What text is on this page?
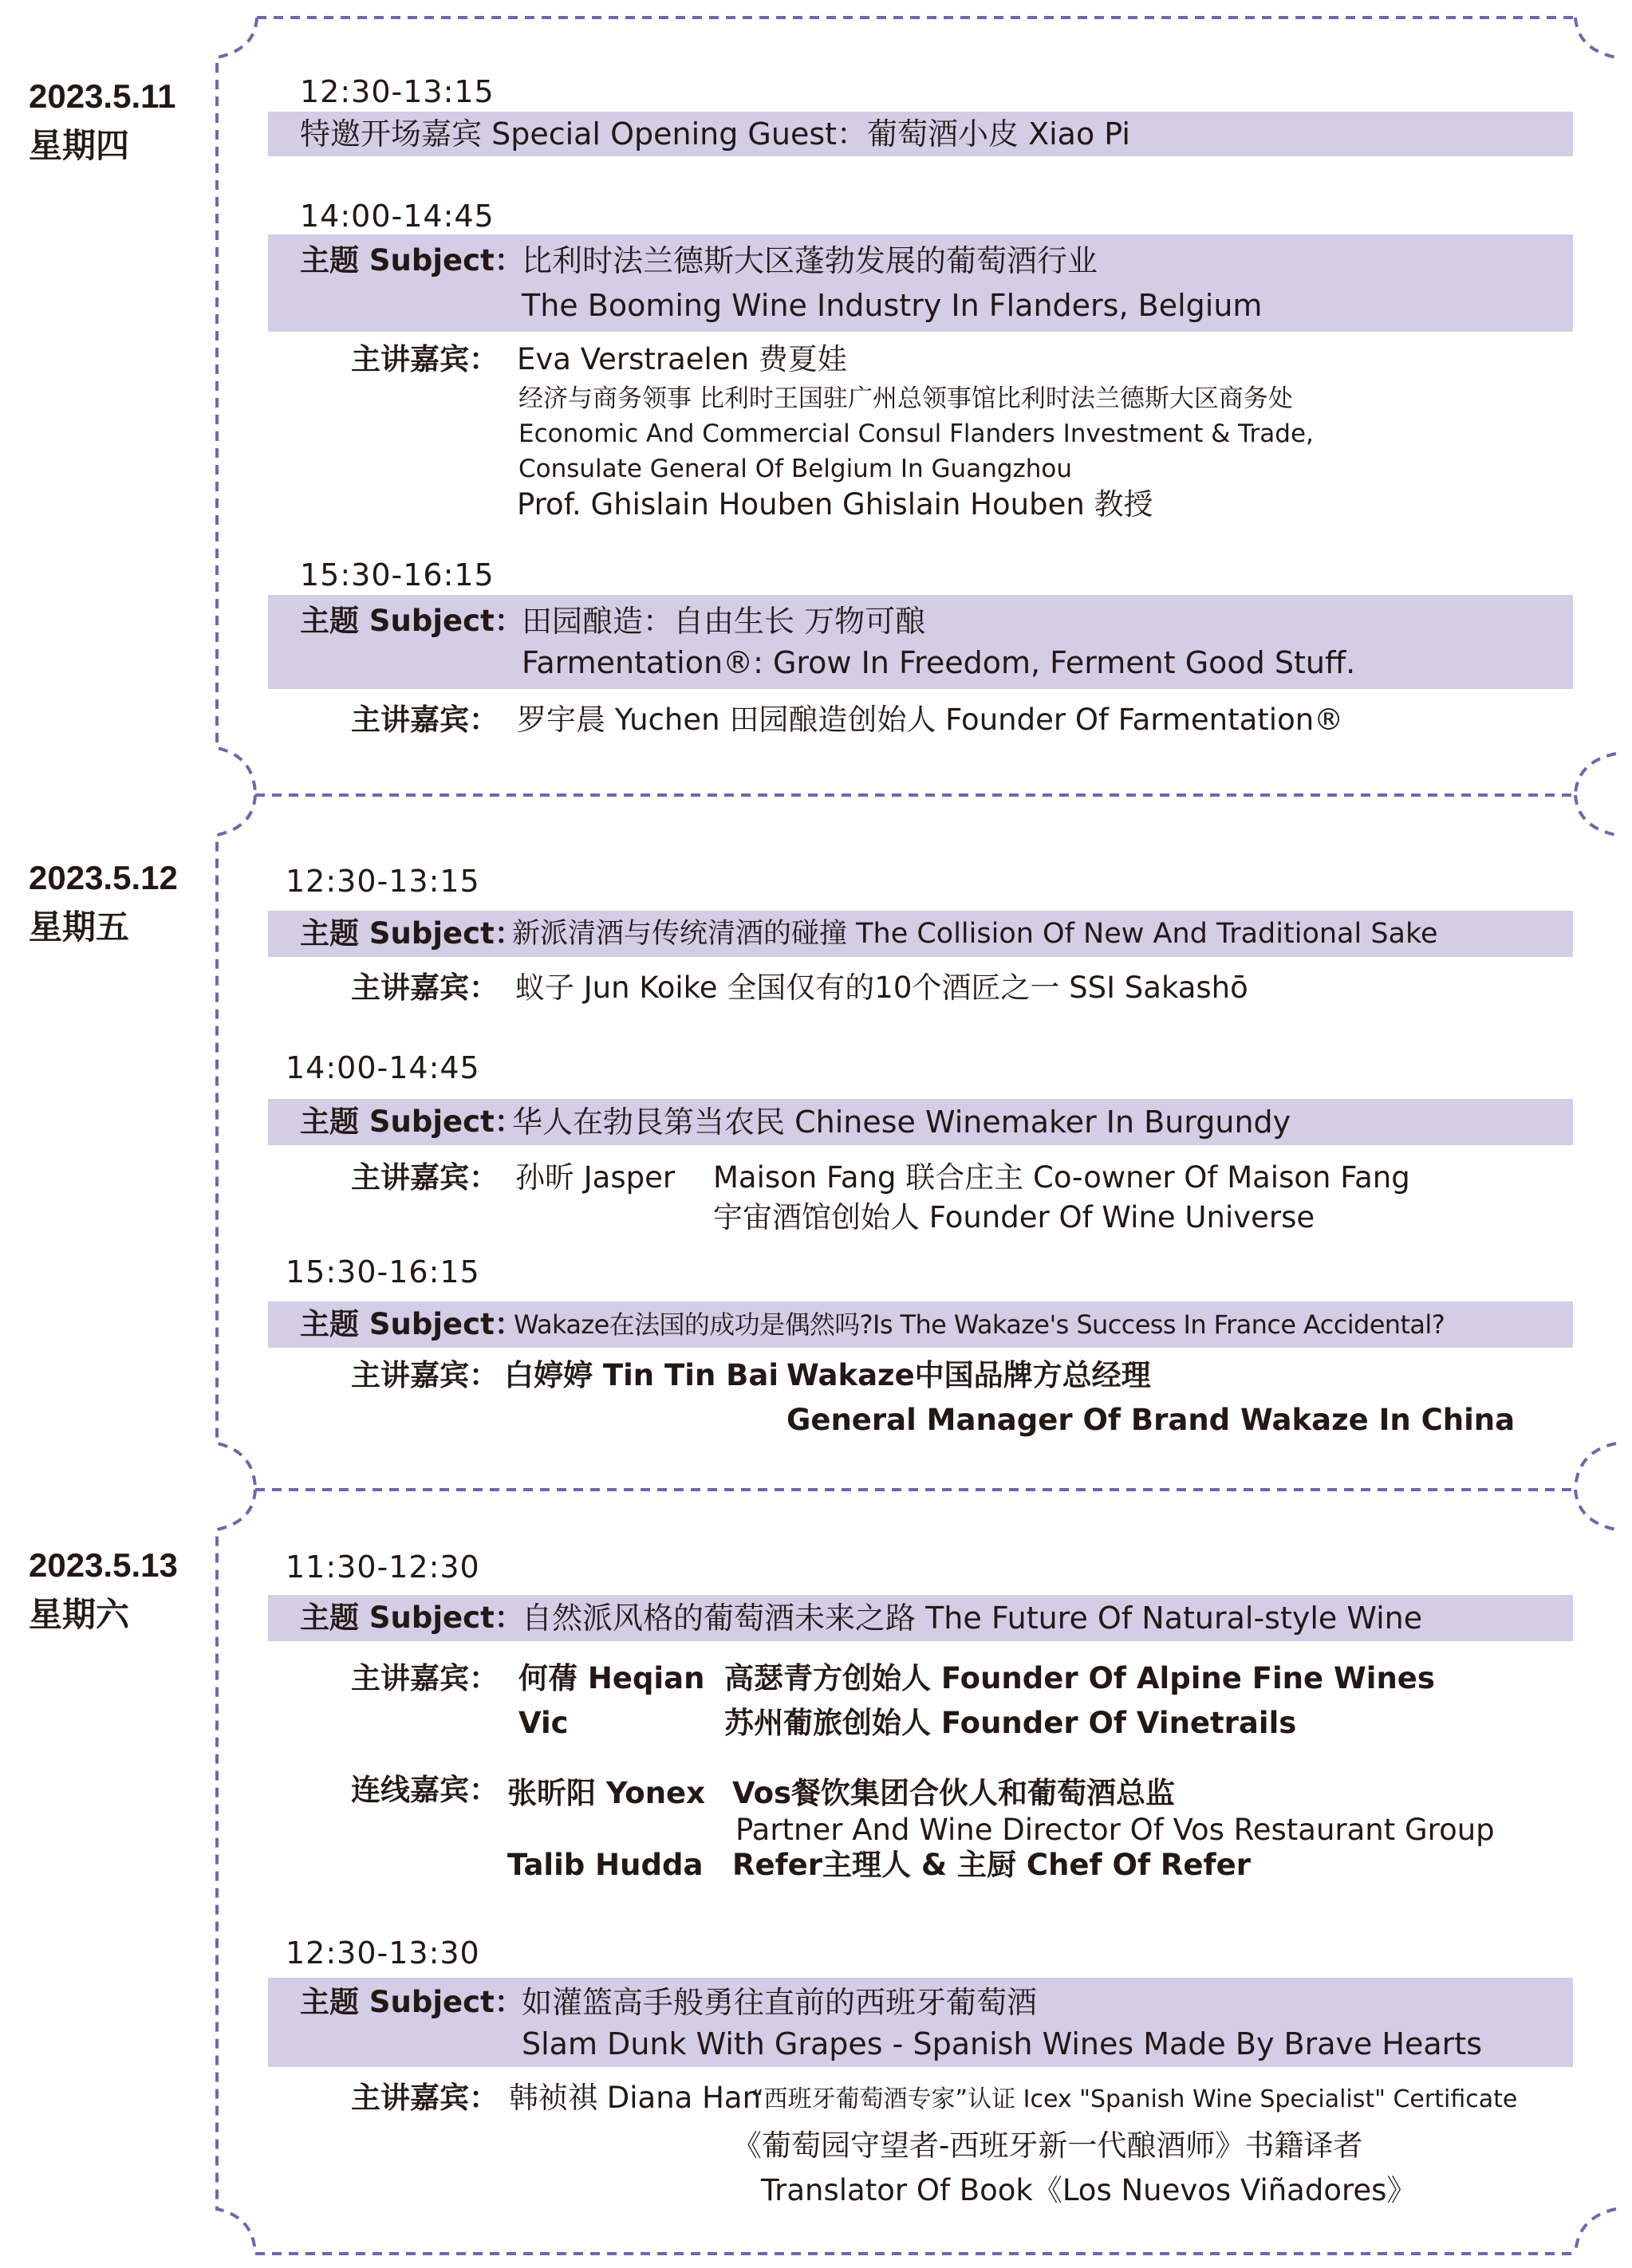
2023.5.11
星期四
12:30-13:15
特邀开场嘉宾 Special Opening Guest：葡萄酒小皮 Xiao Pi
14:00-14:45
主题 Subject：
比利时法兰德斯大区蓬勃发展的葡萄酒行业
The Booming Wine Industry In Flanders, Belgium
主讲嘉宾： Eva Verstraelen 费夏娃
经济与商务领事 比利时王国驻广州总领事馆比利时法兰德斯大区商务处
Economic And Commercial Consul Flanders Investment & Trade,
Consulate General Of Belgium In Guangzhou
Prof. Ghislain Houben Ghislain Houben 教授
15:30-16:15
主题 Subject：
田园酿造：自由生长 万物可酿
Farmentation®: Grow In Freedom, Ferment Good Stuff.
主讲嘉宾： 罗宇晨 Yuchen 田园酿造创始人 Founder Of Farmentation®
2023.5.12
星期五
12:30-13:15
主题 Subject：
新派清酒与传统清酒的碰撞 The Collision Of New And Traditional Sake
主讲嘉宾： 蚁子 Jun Koike 全国仅有的10个酒匠之一 SSI Sakashō
14:00-14:45
主题 Subject：
华人在勃艮第当农民 Chinese Winemaker In Burgundy
主讲嘉宾： 孙昕 Jasper Maison Fang 联合庄主 Co-owner Of Maison Fang
宇宙酒馆创始人 Founder Of Wine Universe
15:30-16:15
主题 Subject：
Wakaze在法国的成功是偶然吗?Is The Wakaze's Success In France Accidental?
主讲嘉宾： 白婷婷 Tin Tin Bai Wakaze中国品牌方总经理
General Manager Of Brand Wakaze In China
2023.5.13
星期六
11:30-12:30
主题 Subject：
自然派风格的葡萄酒未来之路 The Future Of Natural-style Wine
主讲嘉宾： 何蒨 Heqian 高瑟青方创始人 Founder Of Alpine Fine Wines
Vic	苏州葡旅创始人 Founder Of Vinetrails
连线嘉宾： 张昕阳 Yonex Vos餐饮集团合伙人和葡萄酒总监
Partner And Wine Director Of Vos Restaurant Group
Talib Hudda Refer主理人 & 主厨 Chef Of Refer
12:30-13:30
主题 Subject：
如灌篮高手般勇往直前的西班牙葡萄酒
Slam Dunk With Grapes - Spanish Wines Made By Brave Hearts
主讲嘉宾： 韩祯祺 Diana Han
“西班牙葡萄酒专家”认证 Icex "Spanish Wine Specialist" Certificate
《葡萄园守望者-西班牙新一代酿酒师》书籍译者
Translator Of Book《Los Nuevos Viñadores》
